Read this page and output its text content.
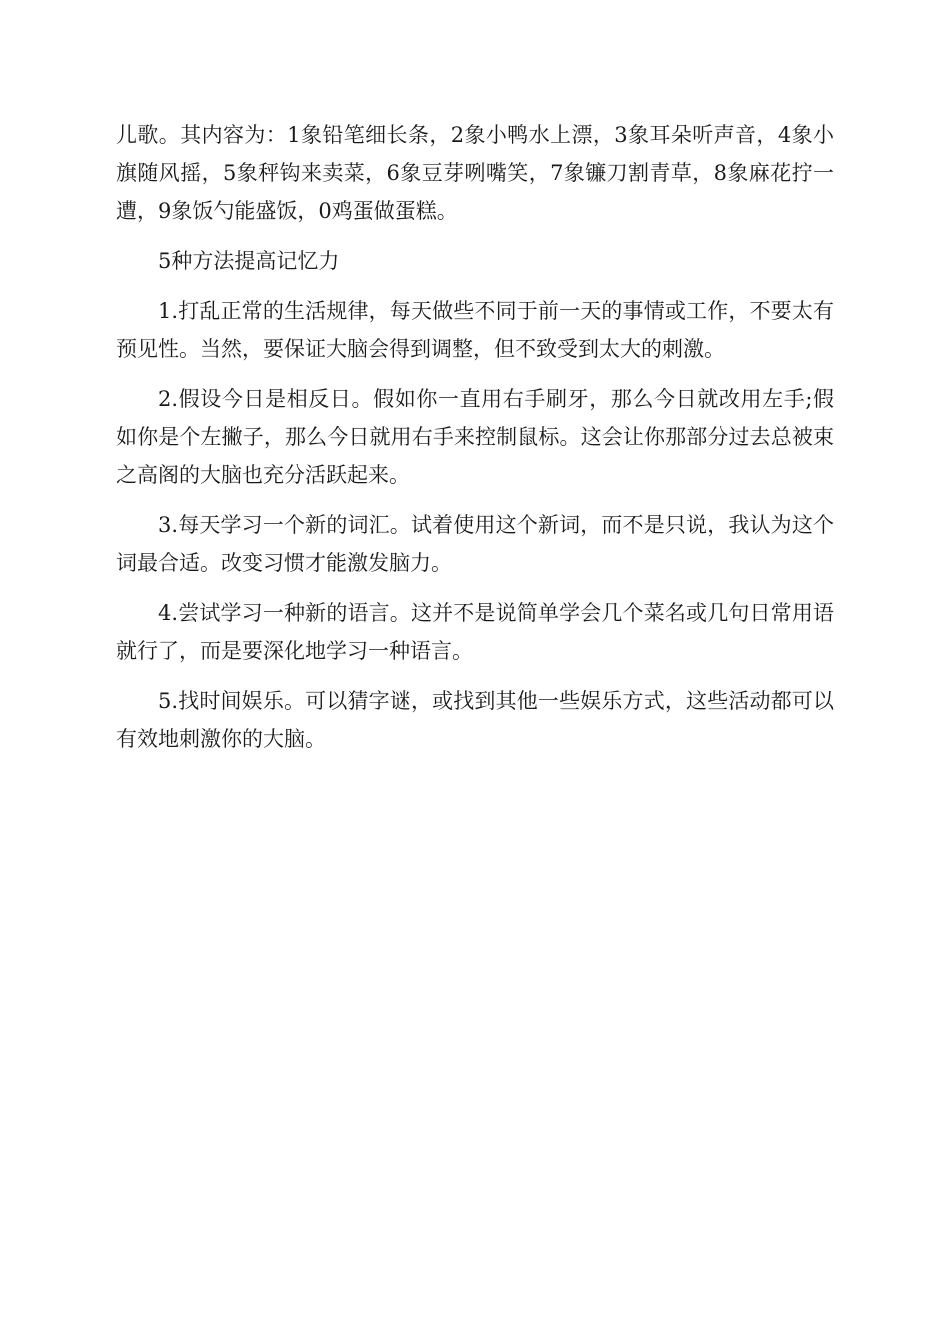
儿歌。其内容为：1象铅笔细长条，2象小鸭水上漂，3象耳朵听声音，4象小旗随风摇，5象秤钩来卖菜，6象豆芽咧嘴笑，7象镰刀割青草，8象麻花拧一遭，9象饭勺能盛饭，0鸡蛋做蛋糕。

5种方法提高记忆力

1.打乱正常的生活规律，每天做些不同于前一天的事情或工作，不要太有预见性。当然，要保证大脑会得到调整，但不致受到太大的刺激。

2.假设今日是相反日。假如你一直用右手刷牙，那么今日就改用左手;假如你是个左撇子，那么今日就用右手来控制鼠标。这会让你那部分过去总被束之高阁的大脑也充分活跃起来。

3.每天学习一个新的词汇。试着使用这个新词，而不是只说，我认为这个词最合适。改变习惯才能激发脑力。

4.尝试学习一种新的语言。这并不是说简单学会几个菜名或几句日常用语就行了，而是要深化地学习一种语言。

5.找时间娱乐。可以猜字谜，或找到其他一些娱乐方式，这些活动都可以有效地刺激你的大脑。
